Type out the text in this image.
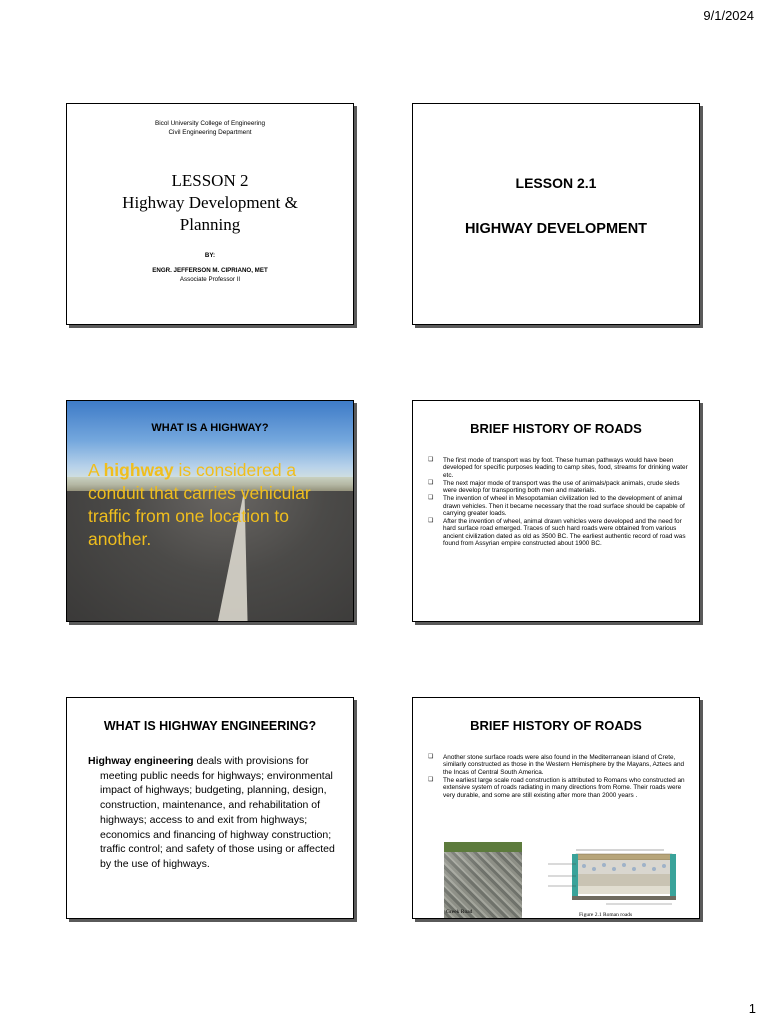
9/1/2024
Bicol University College of Engineering
Civil Engineering Department
LESSON 2
Highway Development &
Planning
BY:
ENGR. JEFFERSON M. CIPRIANO, MET
Associate Professor II
LESSON 2.1
HIGHWAY DEVELOPMENT
WHAT IS A HIGHWAY?
A highway is considered a conduit that carries vehicular traffic from one location to another.
BRIEF HISTORY OF ROADS
❑ The first mode of transport was by foot. These human pathways would have been developed for specific purposes leading to camp sites, food, streams for drinking water etc.
❑ The next major mode of transport was the use of animals/pack animals, crude sleds were develop for transporting both men and materials.
❑ The invention of wheel in Mesopotamian civilization led to the development of animal drawn vehicles. Then it became necessary that the road surface should be capable of carrying greater loads.
❑ After the invention of wheel, animal drawn vehicles were developed and the need for hard surface road emerged. Traces of such hard roads were obtained from various ancient civilization dated as old as 3500 BC. The earliest authentic record of road was found from Assyrian empire constructed about 1900 BC.
WHAT IS HIGHWAY ENGINEERING?

Highway engineering deals with provisions for meeting public needs for highways; environmental impact of highways; budgeting, planning, design, construction, maintenance, and rehabilitation of highways; access to and exit from highways; economics and financing of highway construction; traffic control; and safety of those using or affected by the use of highways.

BRIEF HISTORY OF ROADS
❑ Another stone surface roads were also found in the Mediterranean island of Crete, similarly constructed as those in the Western Hemisphere by the Mayans, Aztecs and the Incas of Central South America.
❑ The earliest large scale road construction is attributed to Romans who constructed an extensive system of roads radiating in many directions from Rome. Their roads were very durable, and some are still existing after more than 2000 years .
Greek Road	Figure 2.1 Roman roads
1
